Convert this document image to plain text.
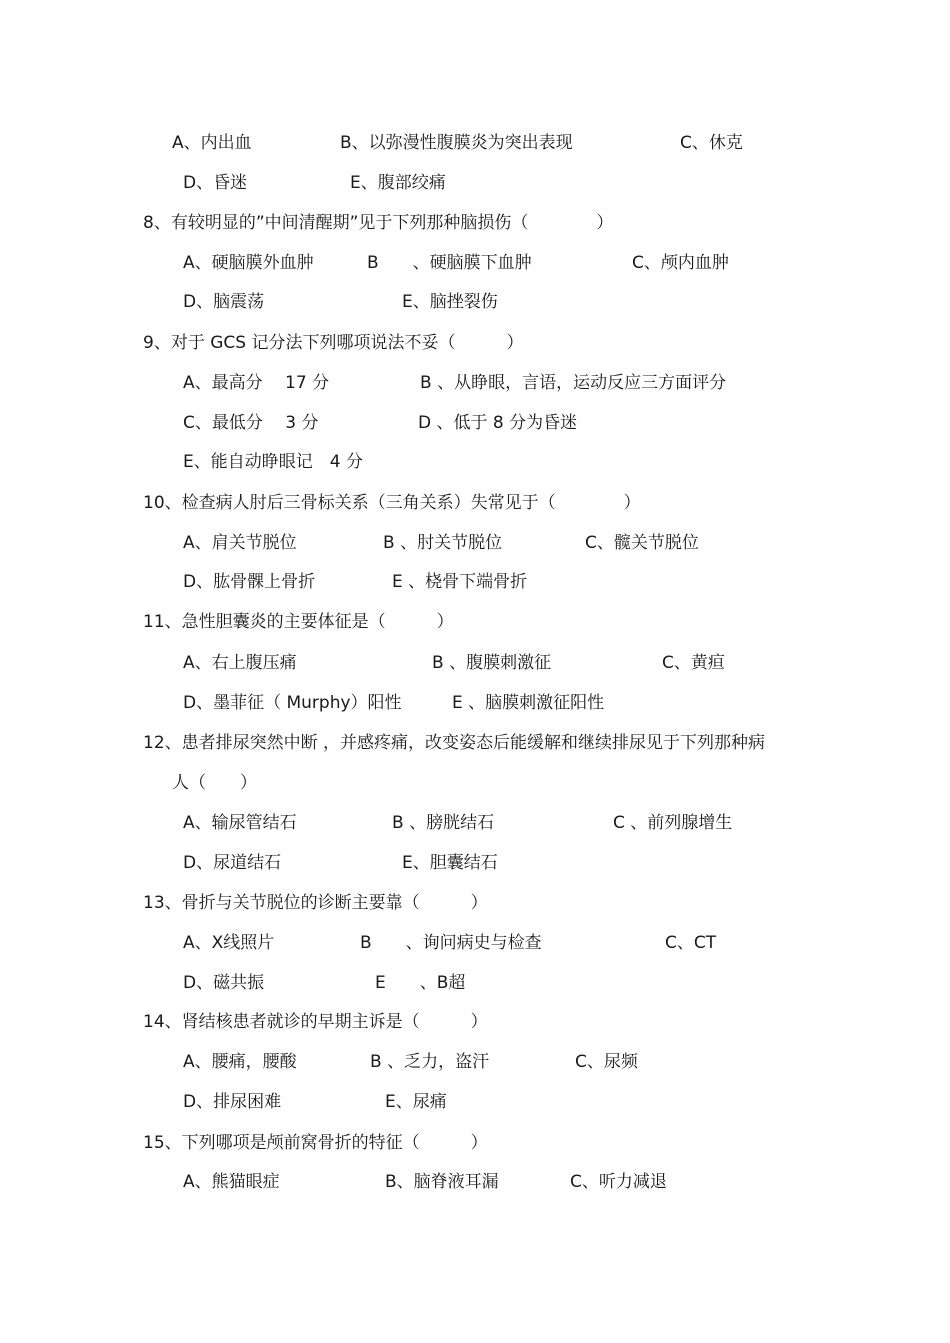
A、内出血	B、以弥漫性腹膜炎为突出表现	C、休克
D、昏迷	E、腹部绞痛
8、有较明显的”中间清醒期”见于下列那种脑损伤（　　　　）
A、硬脑膜外血肿	B　　、硬脑膜下血肿	C、颅内血肿
D、脑震荡	E、脑挫裂伤
9、对于 GCS 记分法下列哪项说法不妥（　　　）
A、最高分　 17 分	B 、从睁眼，言语，运动反应三方面评分
C、最低分　 3 分	D 、低于 8 分为昏迷
E、能自动睁眼记　4 分
10、检查病人肘后三骨标关系（三角关系）失常见于（　　　　）
A、肩关节脱位	B 、肘关节脱位	C、髋关节脱位
D、肱骨髁上骨折	E 、桡骨下端骨折
11、急性胆囊炎的主要体征是（　　　）
A、右上腹压痛	B 、腹膜刺激征	C、黄疸
D、墨菲征（ Murphy）阳性	E 、脑膜刺激征阳性
12、患者排尿突然中断 ，并感疼痛，改变姿态后能缓解和继续排尿见于下列那种病
人（　　）
A、输尿管结石	B 、膀胱结石	C 、前列腺增生
D、尿道结石	E、胆囊结石
13、骨折与关节脱位的诊断主要靠（　　　）
A、X线照片	B　　、询问病史与检查	C、CT
D、磁共振	E　　、B超
14、肾结核患者就诊的早期主诉是（　　　）
A、腰痛，腰酸	B 、乏力，盗汗	C、尿频
D、排尿困难	E、尿痛
15、下列哪项是颅前窝骨折的特征（　　　）
A、熊猫眼症	B、脑脊液耳漏	C、听力减退
